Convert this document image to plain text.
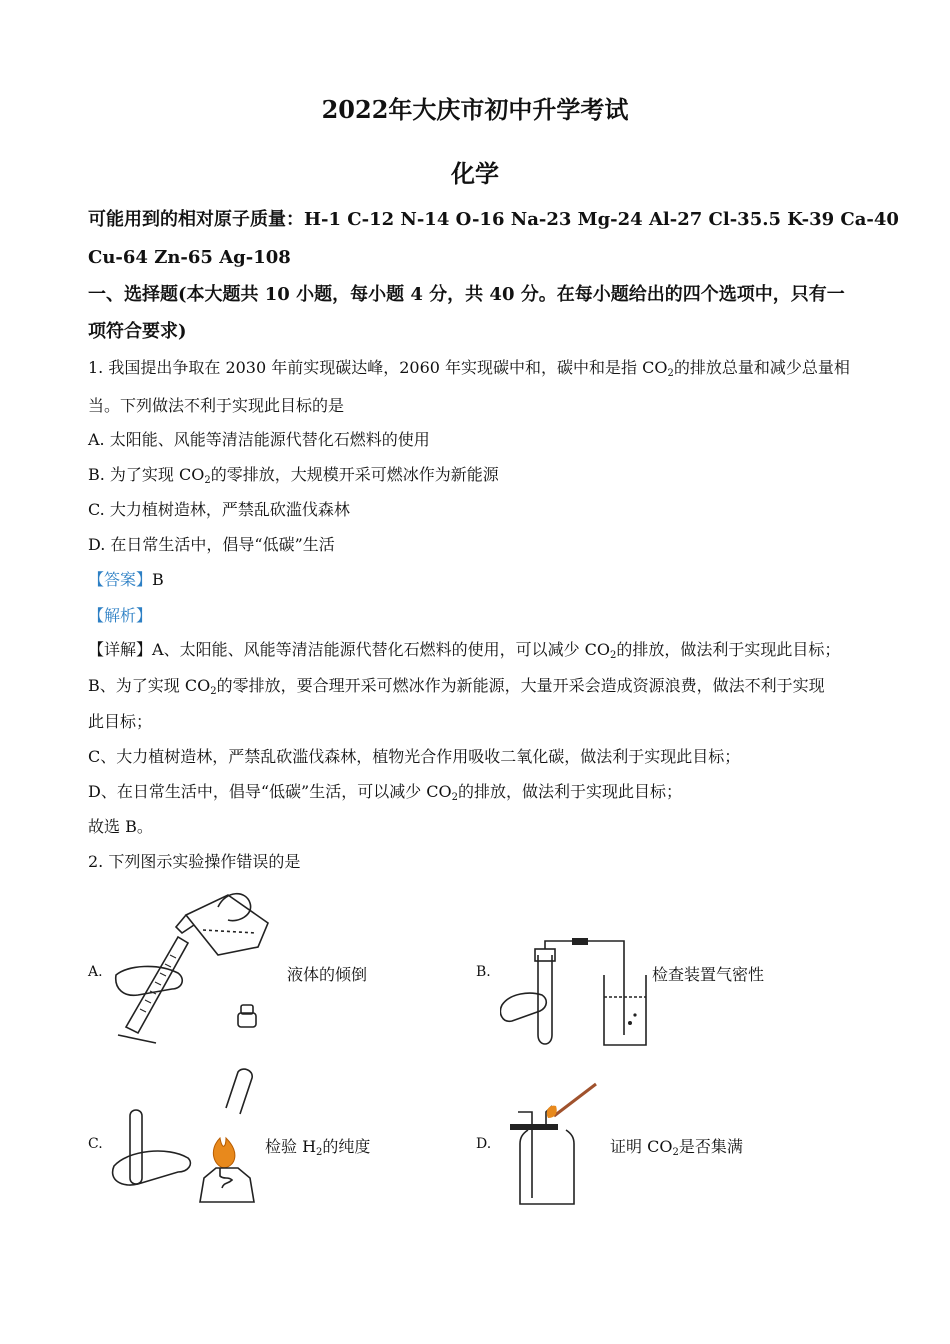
2022年大庆市初中升学考试
化学
可能用到的相对原子质量：H-1 C-12 N-14 O-16 Na-23 Mg-24 Al-27 Cl-35.5 K-39 Ca-40
Cu-64 Zn-65 Ag-108
一、选择题(本大题共 10 小题，每小题 4 分，共 40 分。在每小题给出的四个选项中，只有一
项符合要求)
1. 我国提出争取在 2030 年前实现碳达峰，2060 年实现碳中和，碳中和是指 $CO_2$的排放总量和减少总量相
当。下列做法不利于实现此目标的是
A. 太阳能、风能等清洁能源代替化石燃料的使用
B. 为了实现 $CO_2$的零排放，大规模开采可燃冰作为新能源
C. 大力植树造林，严禁乱砍滥伐森林
D. 在日常生活中，倡导“低碳”生活
【答案】B
【解析】
【详解】A、太阳能、风能等清洁能源代替化石燃料的使用，可以减少 $CO_2$的排放，做法利于实现此目标；
B、为了实现 $CO_2$的零排放，要合理开采可燃冰作为新能源，大量开采会造成资源浪费，做法不利于实现
此目标；
C、大力植树造林，严禁乱砍滥伐森林，植物光合作用吸收二氧化碳，做法利于实现此目标；
D、在日常生活中，倡导“低碳”生活，可以减少 $CO_2$的排放，做法利于实现此目标；
故选 B。
2. 下列图示实验操作错误的是
A.	液体的倾倒	B.	检查装置气密性
C.	检验 $H_2$的纯度	D.	证明 $CO_2$是否集满
